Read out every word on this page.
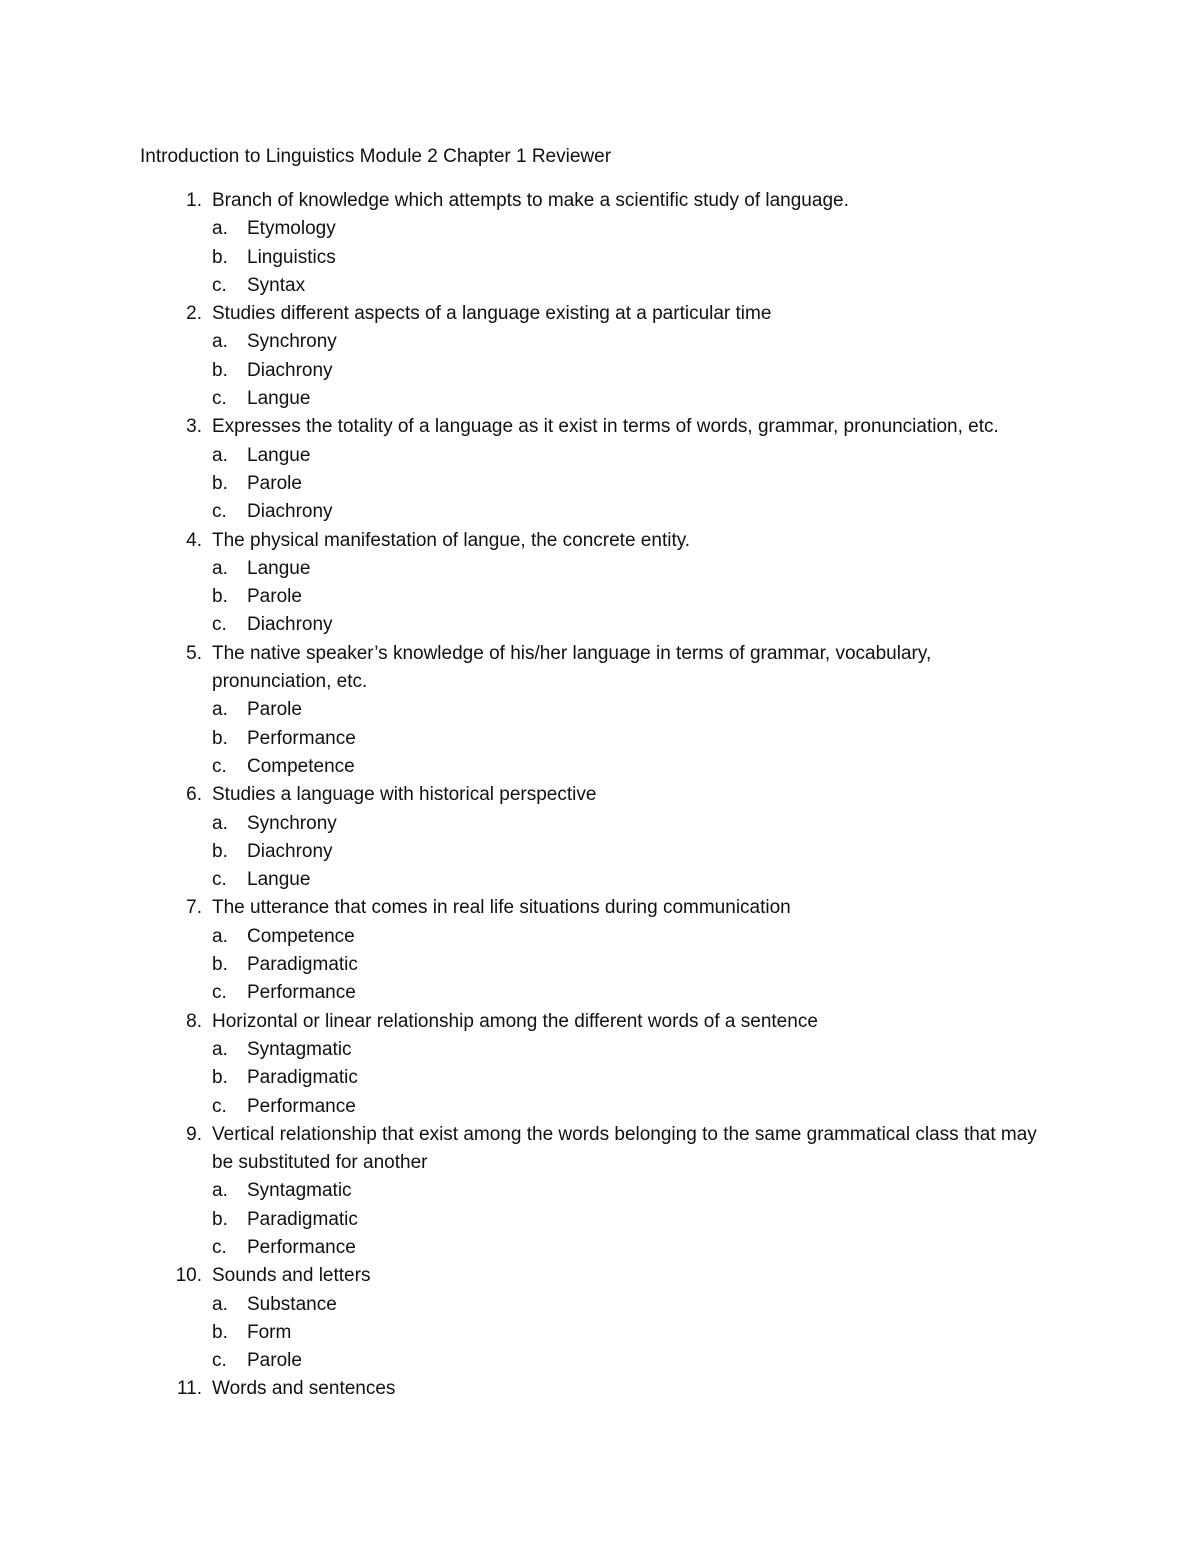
Introduction to Linguistics Module 2 Chapter 1 Reviewer
1. Branch of knowledge which attempts to make a scientific study of language.
a. Etymology
b. Linguistics
c. Syntax
2. Studies different aspects of a language existing at a particular time
a. Synchrony
b. Diachrony
c. Langue
3. Expresses the totality of a language as it exist in terms of words, grammar, pronunciation, etc.
a. Langue
b. Parole
c. Diachrony
4. The physical manifestation of langue, the concrete entity.
a. Langue
b. Parole
c. Diachrony
5. The native speaker’s knowledge of his/her language in terms of grammar, vocabulary, pronunciation, etc.
a. Parole
b. Performance
c. Competence
6. Studies a language with historical perspective
a. Synchrony
b. Diachrony
c. Langue
7. The utterance that comes in real life situations during communication
a. Competence
b. Paradigmatic
c. Performance
8. Horizontal or linear relationship among the different words of a sentence
a. Syntagmatic
b. Paradigmatic
c. Performance
9. Vertical relationship that exist among the words belonging to the same grammatical class that may be substituted for another
a. Syntagmatic
b. Paradigmatic
c. Performance
10. Sounds and letters
a. Substance
b. Form
c. Parole
11. Words and sentences
